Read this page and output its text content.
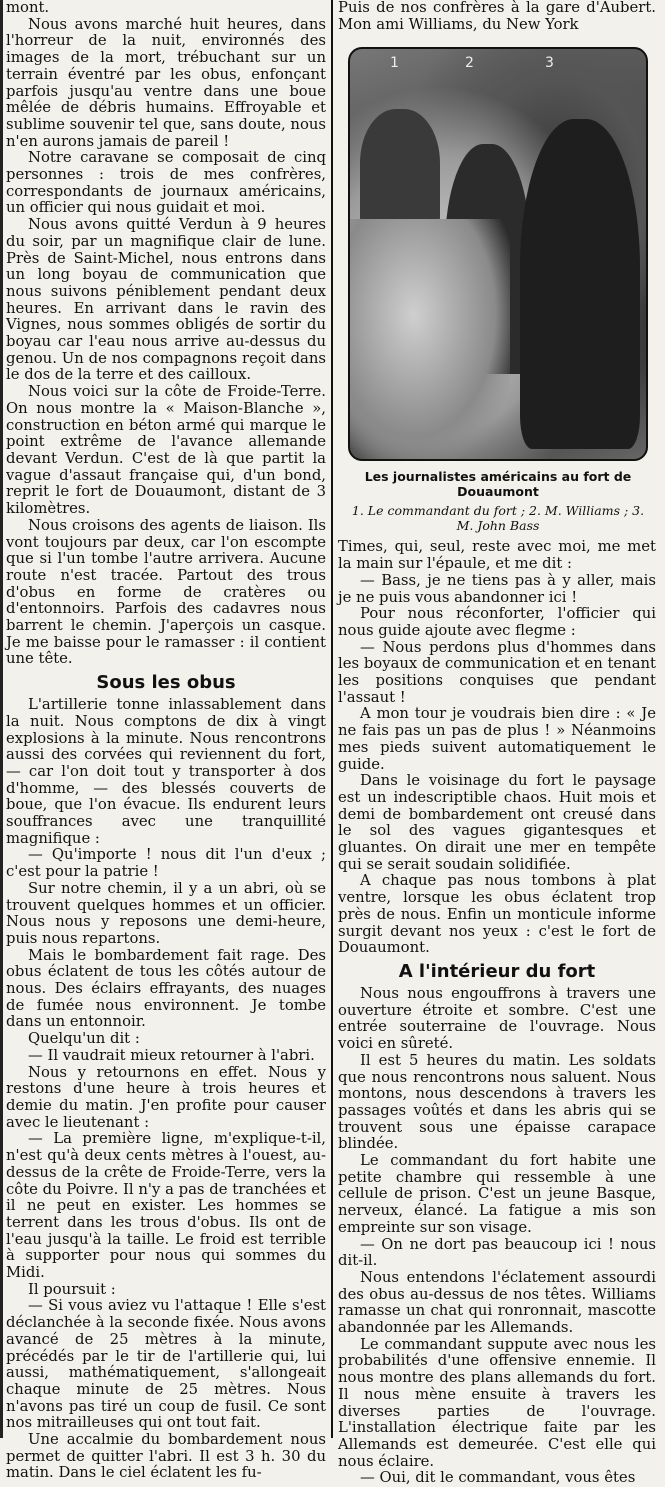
mont.

Nous avons marché huit heures, dans l'horreur de la nuit, environnés des images de la mort, trébuchant sur un terrain éventré par les obus, enfonçant parfois jusqu'au ventre dans une boue mêlée de débris humains. Effroyable et sublime souvenir tel que, sans doute, nous n'en aurons jamais de pareil !

Notre caravane se composait de cinq personnes : trois de mes confrères, correspondants de journaux américains, un officier qui nous guidait et moi.

Nous avons quitté Verdun à 9 heures du soir, par un magnifique clair de lune. Près de Saint-Michel, nous entrons dans un long boyau de communication que nous suivons péniblement pendant deux heures. En arrivant dans le ravin des Vignes, nous sommes obligés de sortir du boyau car l'eau nous arrive au-dessus du genou. Un de nos compagnons reçoit dans le dos de la terre et des cailloux.

Nous voici sur la côte de Froide-Terre. On nous montre la « Maison-Blanche », construction en béton armé qui marque le point extrême de l'avance allemande devant Verdun. C'est de là que partit la vague d'assaut française qui, d'un bond, reprit le fort de Douaumont, distant de 3 kilomètres.

Nous croisons des agents de liaison. Ils vont toujours par deux, car l'on escompte que si l'un tombe l'autre arrivera. Aucune route n'est tracée. Partout des trous d'obus en forme de cratères ou d'entonnoirs. Parfois des cadavres nous barrent le chemin. J'aperçois un casque. Je me baisse pour le ramasser : il contient une tête.

Sous les obus

L'artillerie tonne inlassablement dans la nuit. Nous comptons de dix à vingt explosions à la minute. Nous rencontrons aussi des corvées qui reviennent du fort, — car l'on doit tout y transporter à dos d'homme, — des blessés couverts de boue, que l'on évacue. Ils endurent leurs souffrances avec une tranquillité magnifique :

— Qu'importe ! nous dit l'un d'eux ; c'est pour la patrie !

Sur notre chemin, il y a un abri, où se trouvent quelques hommes et un officier. Nous nous y reposons une demi-heure, puis nous repartons.

Mais le bombardement fait rage. Des obus éclatent de tous les côtés autour de nous. Des éclairs effrayants, des nuages de fumée nous environnent. Je tombe dans un entonnoir.

Quelqu'un dit :

— Il vaudrait mieux retourner à l'abri.

Nous y retournons en effet. Nous y restons d'une heure à trois heures et demie du matin. J'en profite pour causer avec le lieutenant :

— La première ligne, m'explique-t-il, n'est qu'à deux cents mètres à l'ouest, au-dessus de la crête de Froide-Terre, vers la côte du Poivre. Il n'y a pas de tranchées et il ne peut en exister. Les hommes se terrent dans les trous d'obus. Ils ont de l'eau jusqu'à la taille. Le froid est terrible à supporter pour nous qui sommes du Midi.

Il poursuit :

— Si vous aviez vu l'attaque ! Elle s'est déclanchée à la seconde fixée. Nous avons avancé de 25 mètres à la minute, précédés par le tir de l'artillerie qui, lui aussi, mathématiquement, s'allongeait chaque minute de 25 mètres. Nous n'avons pas tiré un coup de fusil. Ce sont nos mitrailleuses qui ont tout fait.

Une accalmie du bombardement nous permet de quitter l'abri. Il est 3 h. 30 du matin. Dans le ciel éclatent les fu-

Puis de nos confrères à la gare d'Aubert. Mon ami Williams, du New York

1	2	3
Les journalistes américains au fort de Douaumont
1. Le commandant du fort ; 2. M. Williams ; 3. M. John Bass

Times, qui, seul, reste avec moi, me met la main sur l'épaule, et me dit :

— Bass, je ne tiens pas à y aller, mais je ne puis vous abandonner ici !

Pour nous réconforter, l'officier qui nous guide ajoute avec flegme :

— Nous perdons plus d'hommes dans les boyaux de communication et en tenant les positions conquises que pendant l'assaut !

A mon tour je voudrais bien dire : « Je ne fais pas un pas de plus ! » Néanmoins mes pieds suivent automatiquement le guide.

Dans le voisinage du fort le paysage est un indescriptible chaos. Huit mois et demi de bombardement ont creusé dans le sol des vagues gigantesques et gluantes. On dirait une mer en tempête qui se serait soudain solidifiée.

A chaque pas nous tombons à plat ventre, lorsque les obus éclatent trop près de nous. Enfin un monticule informe surgit devant nos yeux : c'est le fort de Douaumont.

A l'intérieur du fort

Nous nous engouffrons à travers une ouverture étroite et sombre. C'est une entrée souterraine de l'ouvrage. Nous voici en sûreté.

Il est 5 heures du matin. Les soldats que nous rencontrons nous saluent. Nous montons, nous descendons à travers les passages voûtés et dans les abris qui se trouvent sous une épaisse carapace blindée.

Le commandant du fort habite une petite chambre qui ressemble à une cellule de prison. C'est un jeune Basque, nerveux, élancé. La fatigue a mis son empreinte sur son visage.

— On ne dort pas beaucoup ici ! nous dit-il.

Nous entendons l'éclatement assourdi des obus au-dessus de nos têtes. Williams ramasse un chat qui ronronnait, mascotte abandonnée par les Allemands.

Le commandant suppute avec nous les probabilités d'une offensive ennemie. Il nous montre des plans allemands du fort. Il nous mène ensuite à travers les diverses parties de l'ouvrage. L'installation électrique faite par les Allemands est demeurée. C'est elle qui nous éclaire.

— Oui, dit le commandant, vous êtes
